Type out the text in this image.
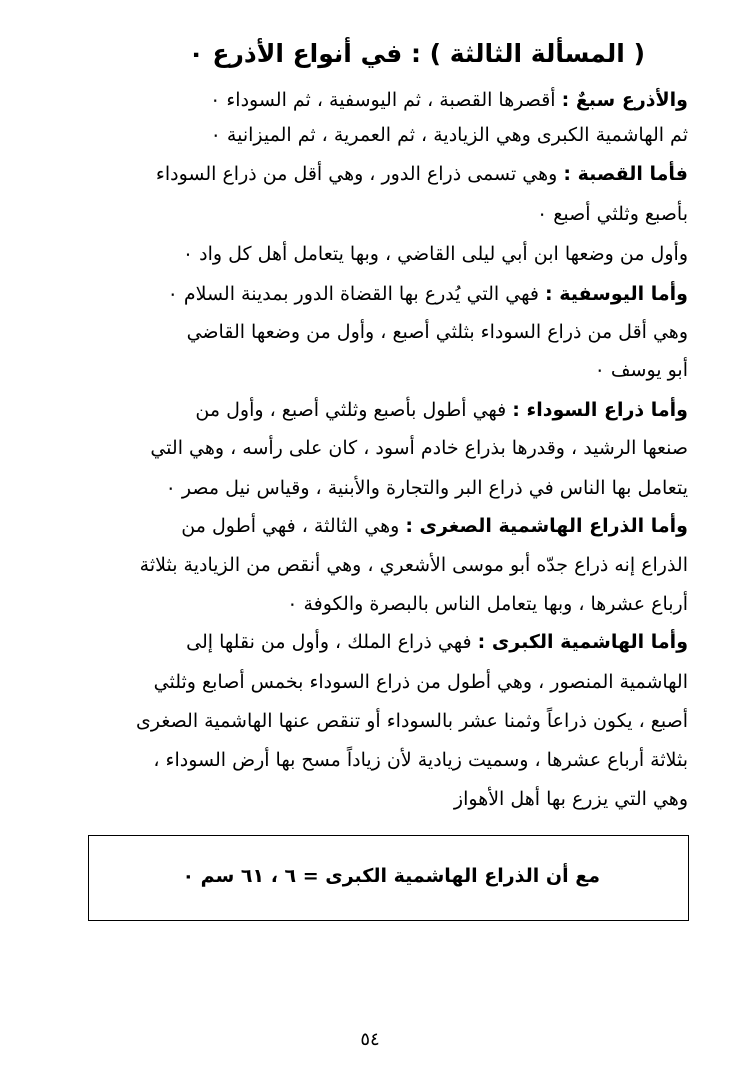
( المسألة الثالثة ) : في أنواع الأذرع ٠
والأذرع سبعٌ : أقصرها القصبة ، ثم اليوسفية ، ثم السوداء ٠
ثم الهاشمية الكبرى وهي الزيادية ، ثم العمرية ، ثم الميزانية ٠
فأما القصبة : وهي تسمى ذراع الدور ، وهي أقل من ذراع السوداء
بأصبع وثلثي أصبع ٠
وأول من وضعها ابن أبي ليلى القاضي ، وبها يتعامل أهل كل واد ٠
وأما اليوسفية : فهي التي يُدرع بها القضاة الدور بمدينة السلام ٠
وهي أقل من ذراع السوداء بثلثي أصبع ، وأول من وضعها القاضي
أبو يوسف ٠
وأما ذراع السوداء : فهي أطول بأصبع وثلثي أصبع ، وأول من
صنعها الرشيد ، وقدرها بذراع خادم أسود ، كان على رأسه ، وهي التي
يتعامل بها الناس في ذراع البر والتجارة والأبنية ، وقياس نيل مصر ٠
وأما الذراع الهاشمية الصغرى : وهي الثالثة ، فهي أطول من
الذراع إنه ذراع جدّه أبو موسى الأشعري ، وهي أنقص من الزيادية بثلاثة
أرباع عشرها ، وبها يتعامل الناس بالبصرة والكوفة ٠
وأما الهاشمية الكبرى : فهي ذراع الملك ، وأول من نقلها إلى
الهاشمية المنصور ، وهي أطول من ذراع السوداء بخمس أصابع وثلثي
أصبع ، يكون ذراعاً وثمنا عشر بالسوداء أو تنقص عنها الهاشمية الصغرى
بثلاثة أرباع عشرها ، وسميت زيادية لأن زياداً مسح بها أرض السوداء ،
وهي التي يزرع بها أهل الأهواز
مع أن الذراع الهاشمية الكبرى = ٦ ، ٦١ سم ٠
٥٤
